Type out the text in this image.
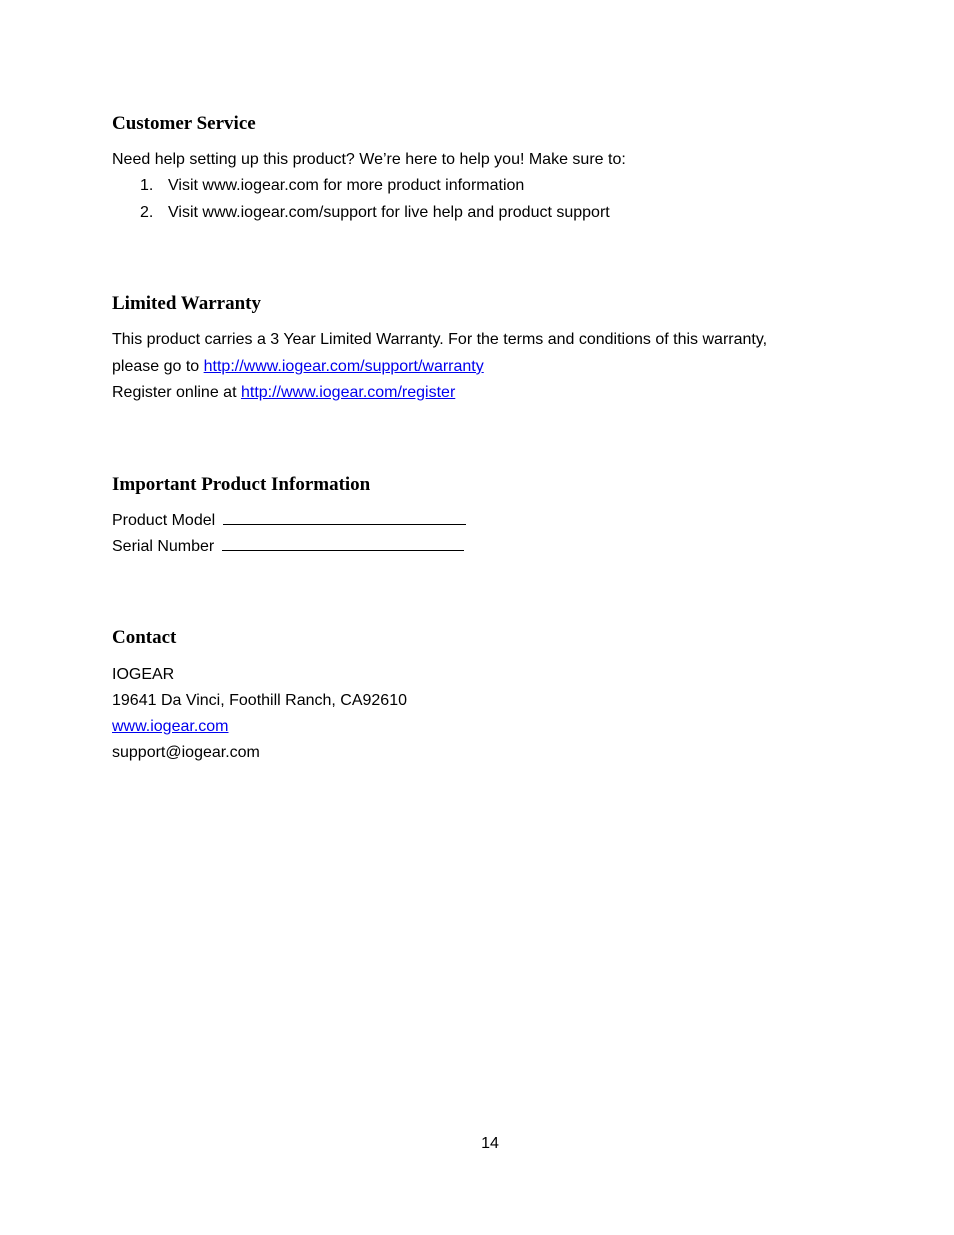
Customer Service

Need help setting up this product? We’re here to help you! Make sure to:

1. Visit www.iogear.com for more product information
2. Visit www.iogear.com/support for live help and product support
Limited Warranty

This product carries a 3 Year Limited Warranty. For the terms and conditions of this warranty,

please go to http://www.iogear.com/support/warranty

Register online at http://www.iogear.com/register

Important Product Information
Product Model
Serial Number
Contact

IOGEAR

19641 Da Vinci, Foothill Ranch, CA92610

www.iogear.com

support@iogear.com

14
